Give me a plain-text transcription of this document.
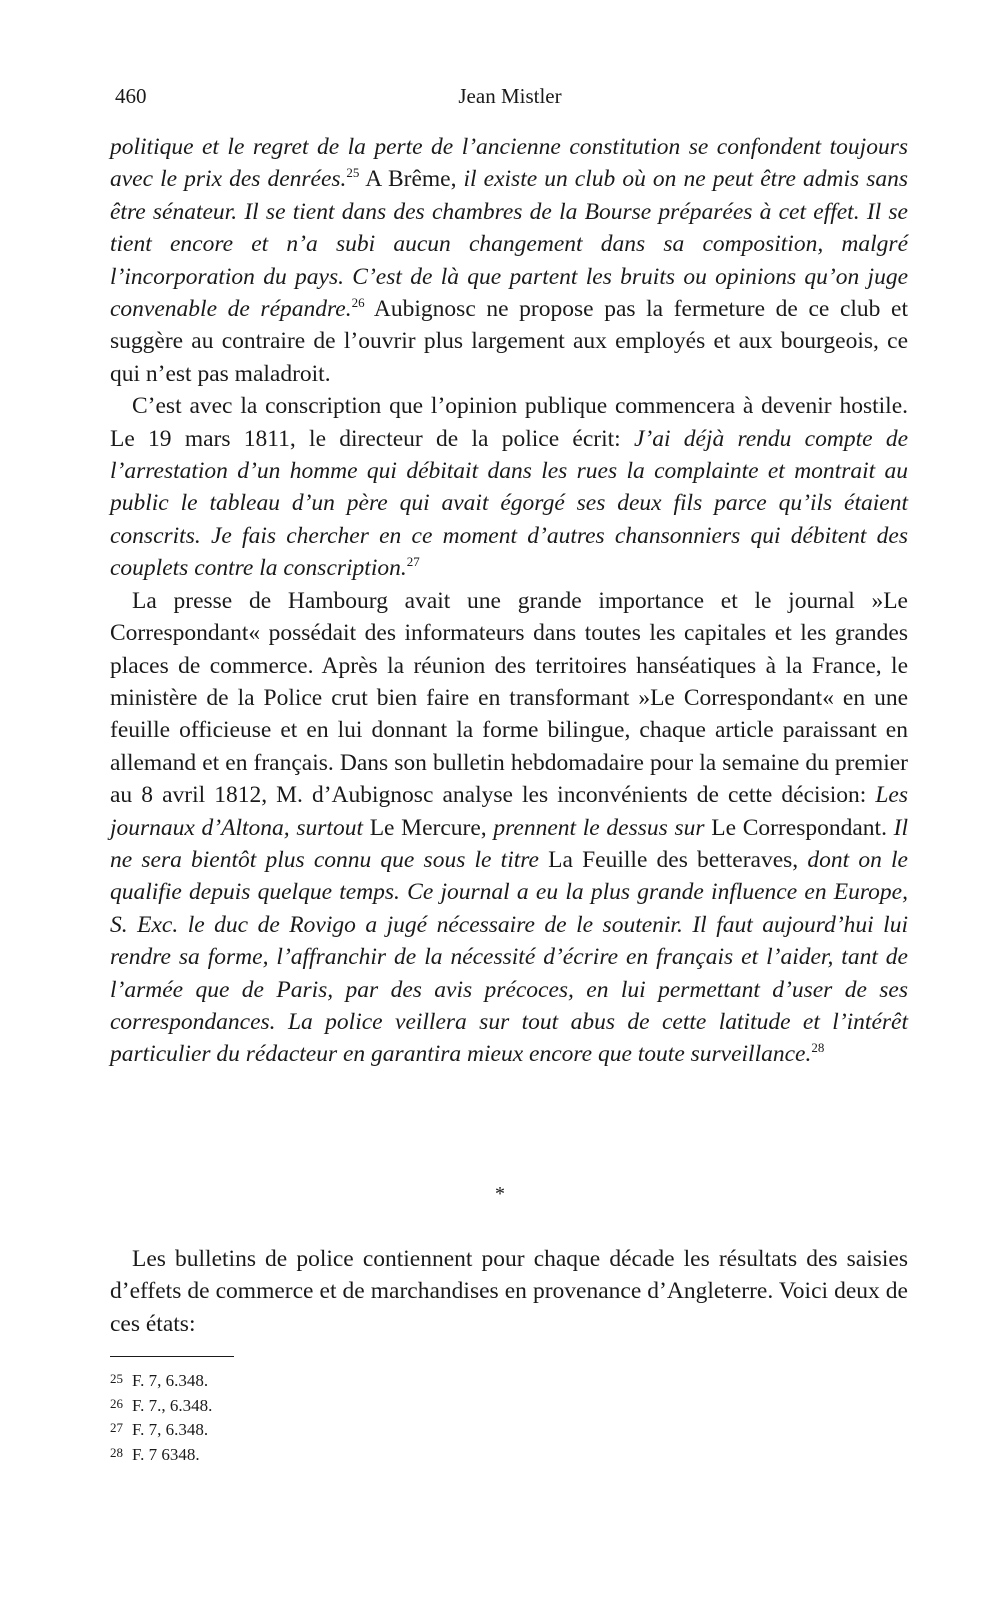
460	Jean Mistler

politique et le regret de la perte de l’ancienne constitution se confondent toujours avec le prix des denrées.$^{25}$ A Brême, il existe un club où on ne peut être admis sans être sénateur. Il se tient dans des chambres de la Bourse préparées à cet effet. Il se tient encore et n’a subi aucun changement dans sa composition, malgré l’incorporation du pays. C’est de là que partent les bruits ou opinions qu’on juge convenable de répandre.$^{26}$ Aubignosc ne propose pas la fermeture de ce club et suggère au contraire de l’ouvrir plus largement aux employés et aux bourgeois, ce qui n’est pas maladroit.

C’est avec la conscription que l’opinion publique commencera à devenir hostile. Le 19 mars 1811, le directeur de la police écrit: J’ai déjà rendu compte de l’arrestation d’un homme qui débitait dans les rues la complainte et montrait au public le tableau d’un père qui avait égorgé ses deux fils parce qu’ils étaient conscrits. Je fais chercher en ce moment d’autres chansonniers qui débitent des couplets contre la conscription.$^{27}$

La presse de Hambourg avait une grande importance et le journal »Le Correspondant« possédait des informateurs dans toutes les capitales et les grandes places de commerce. Après la réunion des territoires hanséatiques à la France, le ministère de la Police crut bien faire en transformant »Le Correspondant« en une feuille officieuse et en lui donnant la forme bilingue, chaque article paraissant en allemand et en français. Dans son bulletin hebdomadaire pour la semaine du premier au 8 avril 1812, M. d’Aubignosc analyse les inconvénients de cette décision: Les journaux d’Altona, surtout Le Mercure, prennent le dessus sur Le Correspondant. Il ne sera bientôt plus connu que sous le titre La Feuille des betteraves, dont on le qualifie depuis quelque temps. Ce journal a eu la plus grande influence en Europe, S. Exc. le duc de Rovigo a jugé nécessaire de le soutenir. Il faut aujourd’hui lui rendre sa forme, l’affranchir de la nécessité d’écrire en français et l’aider, tant de l’armée que de Paris, par des avis précoces, en lui permettant d’user de ses correspondances. La police veillera sur tout abus de cette latitude et l’intérêt particulier du rédacteur en garantira mieux encore que toute surveillance.$^{28}$

*

Les bulletins de police contiennent pour chaque décade les résultats des saisies d’effets de commerce et de marchandises en provenance d’Angleterre. Voici deux de ces états:

25 F. 7, 6.348.
26 F. 7., 6.348.
27 F. 7, 6.348.
28 F. 7 6348.
